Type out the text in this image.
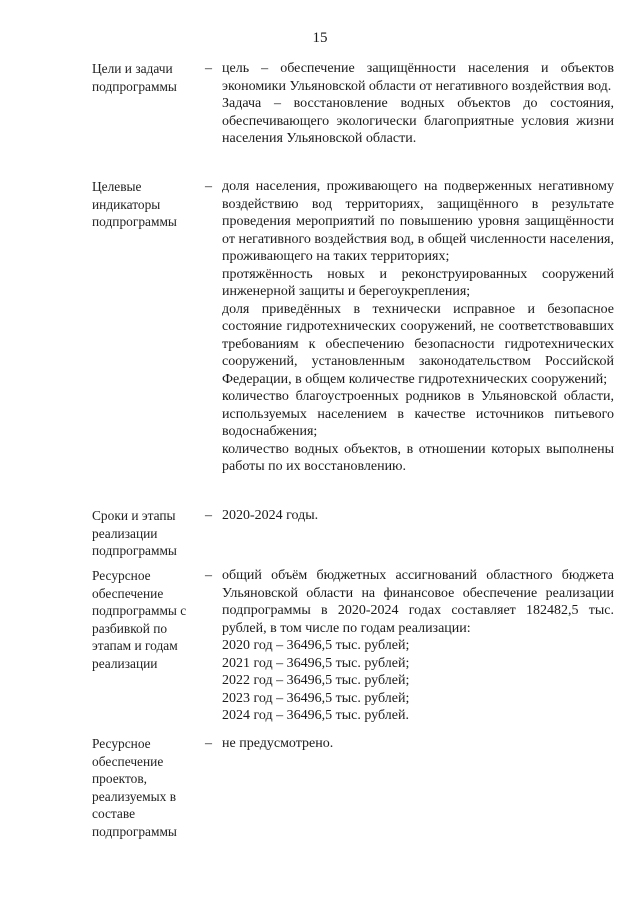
15
Цели и задачи подпрограммы
– цель – обеспечение защищённости населения и объектов экономики Ульяновской области от негативного воздействия вод.
Задача – восстановление водных объектов до состояния, обеспечивающего экологически благоприятные условия жизни населения Ульяновской области.
Целевые индикаторы подпрограммы
– доля населения, проживающего на подверженных негативному воздействию вод территориях, защищённого в результате проведения мероприятий по повышению уровня защищённости от негативного воздействия вод, в общей численности населения, проживающего на таких территориях;
протяжённость новых и реконструированных сооружений инженерной защиты и берегоукрепления;
доля приведённых в технически исправное и безопасное состояние гидротехнических сооружений, не соответствовавших требованиям к обеспечению безопасности гидротехнических сооружений, установленным законодательством Российской Федерации, в общем количестве гидротехнических сооружений;
количество благоустроенных родников в Ульяновской области, используемых населением в качестве источников питьевого водоснабжения;
количество водных объектов, в отношении которых выполнены работы по их восстановлению.
Сроки и этапы реализации подпрограммы
– 2020-2024 годы.
Ресурсное обеспечение подпрограммы с разбивкой по этапам и годам реализации
– общий объём бюджетных ассигнований областного бюджета Ульяновской области на финансовое обеспечение реализации подпрограммы в 2020-2024 годах составляет 182482,5 тыс. рублей, в том числе по годам реализации:
2020 год – 36496,5 тыс. рублей;
2021 год – 36496,5 тыс. рублей;
2022 год – 36496,5 тыс. рублей;
2023 год – 36496,5 тыс. рублей;
2024 год – 36496,5 тыс. рублей.
Ресурсное обеспечение проектов, реализуемых в составе подпрограммы
– не предусмотрено.
